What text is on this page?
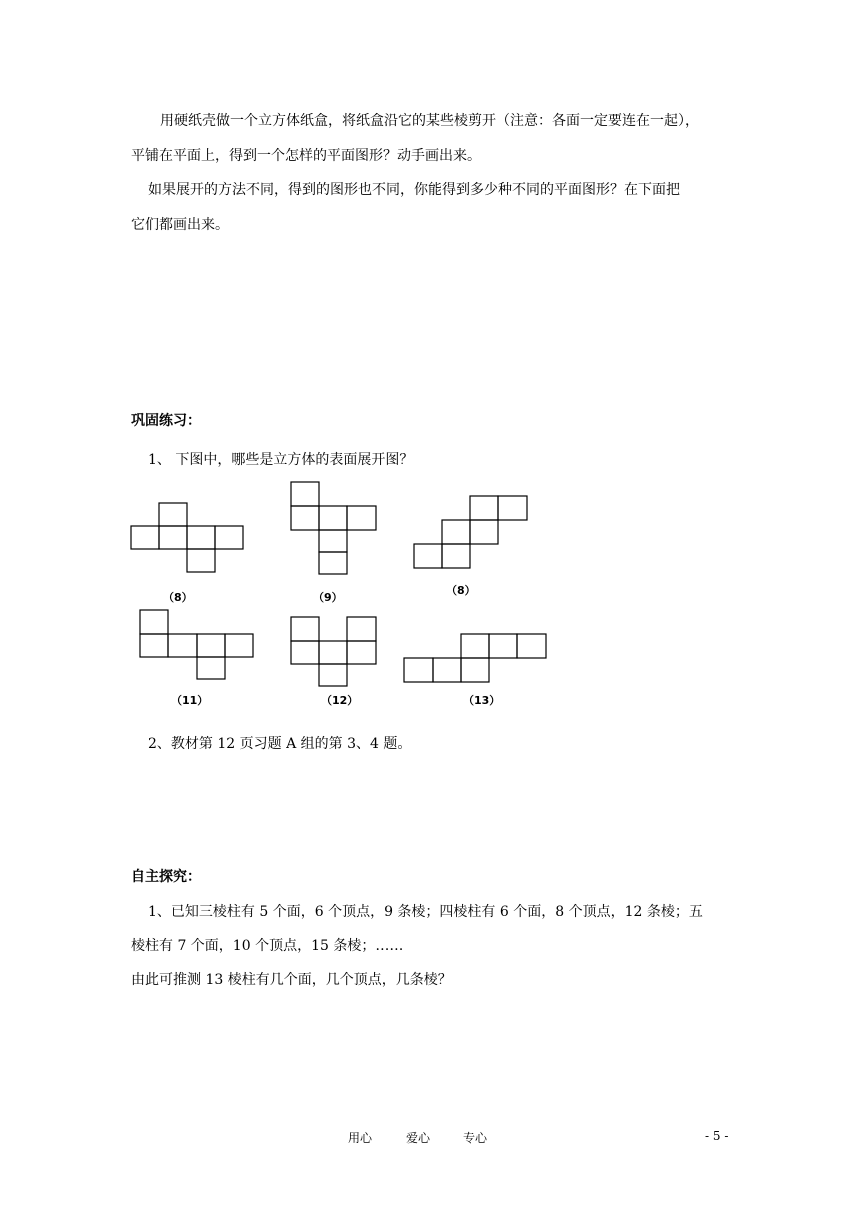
用硬纸壳做一个立方体纸盒，将纸盒沿它的某些棱剪开（注意：各面一定要连在一起），
平铺在平面上，得到一个怎样的平面图形？动手画出来。
如果展开的方法不同，得到的图形也不同，你能得到多少种不同的平面图形？在下面把
它们都画出来。
巩固练习：
1、 下图中，哪些是立方体的表面展开图？
（8）	（9）
（8）
（11）	（12）	（13）
2、教材第 12 页习题 A 组的第 3、4 题。
自主探究：
1、已知三棱柱有 5 个面，6 个顶点，9 条棱；四棱柱有 6 个面，8 个顶点，12 条棱；五
棱柱有 7 个面，10 个顶点，15 条棱；……
由此可推测 13 棱柱有几个面，几个顶点，几条棱？
用心	爱心	专心	- 5 -
